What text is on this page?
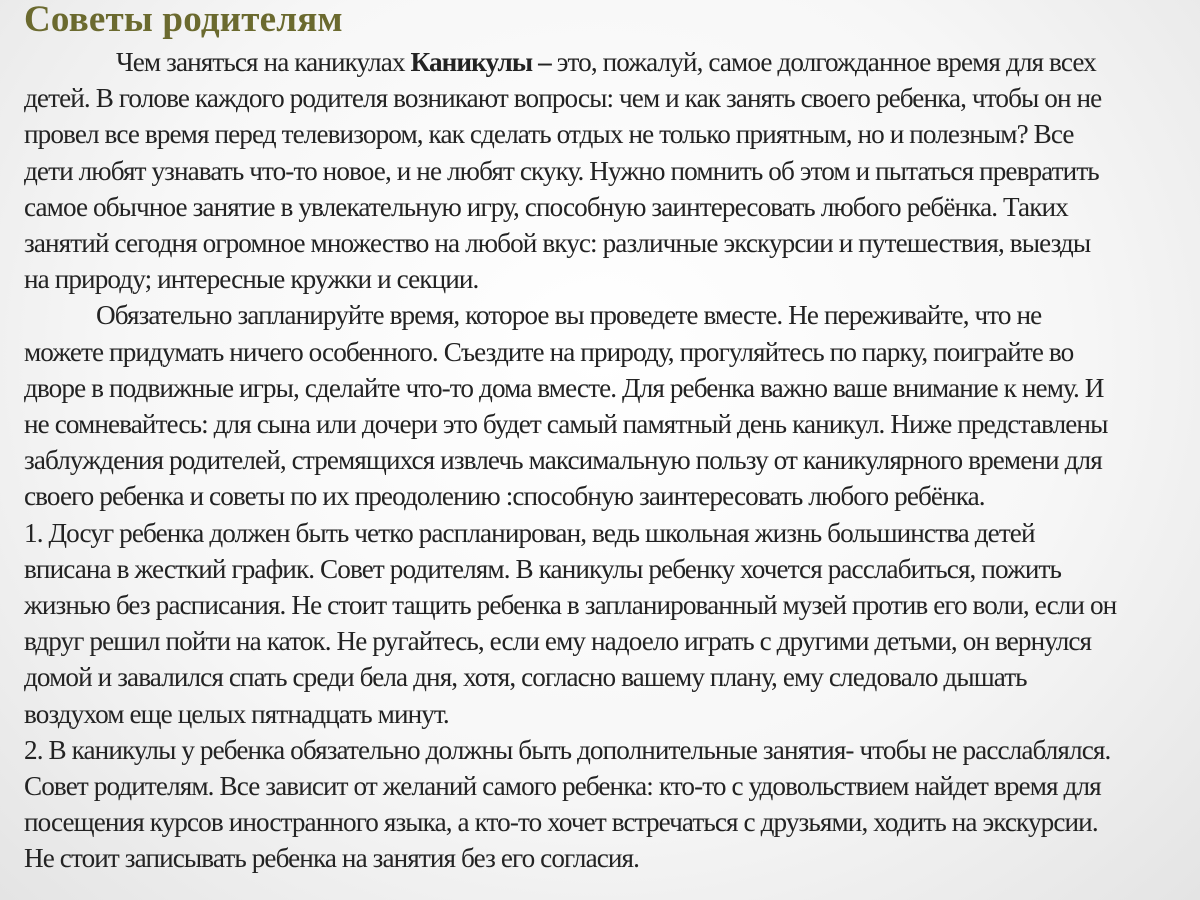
Советы родителям
Чем заняться на каникулах Каникулы – это, пожалуй, самое долгожданное время для всех
детей. В голове каждого родителя возникают вопросы: чем и как занять своего ребенка, чтобы он не
провел все время перед телевизором, как сделать отдых не только приятным, но и полезным? Все
дети любят узнавать что-то новое, и не любят скуку. Нужно помнить об этом и пытаться превратить
самое обычное занятие в увлекательную игру, способную заинтересовать любого ребёнка. Таких
занятий сегодня огромное множество на любой вкус: различные экскурсии и путешествия, выезды
на природу; интересные кружки и секции.
Обязательно запланируйте время, которое вы проведете вместе. Не переживайте, что не
можете придумать ничего особенного. Съездите на природу, прогуляйтесь по парку, поиграйте во
дворе в подвижные игры, сделайте что-то дома вместе. Для ребенка важно ваше внимание к нему. И
не сомневайтесь: для сына или дочери это будет самый памятный день каникул. Ниже представлены
заблуждения родителей, стремящихся извлечь максимальную пользу от каникулярного времени для
своего ребенка и советы по их преодолению :способную заинтересовать любого ребёнка.
1. Досуг ребенка должен быть четко распланирован, ведь школьная жизнь большинства детей
вписана в жесткий график. Совет родителям. В каникулы ребенку хочется расслабиться, пожить
жизнью без расписания. Не стоит тащить ребенка в запланированный музей против его воли, если он
вдруг решил пойти на каток. Не ругайтесь, если ему надоело играть с другими детьми, он вернулся
домой и завалился спать среди бела дня, хотя, согласно вашему плану, ему следовало дышать
воздухом еще целых пятнадцать минут.
2. В каникулы у ребенка обязательно должны быть дополнительные занятия- чтобы не расслаблялся.
Совет родителям. Все зависит от желаний самого ребенка: кто-то с удовольствием найдет время для
посещения курсов иностранного языка, а кто-то хочет встречаться с друзьями, ходить на экскурсии.
Не стоит записывать ребенка на занятия без его согласия.
